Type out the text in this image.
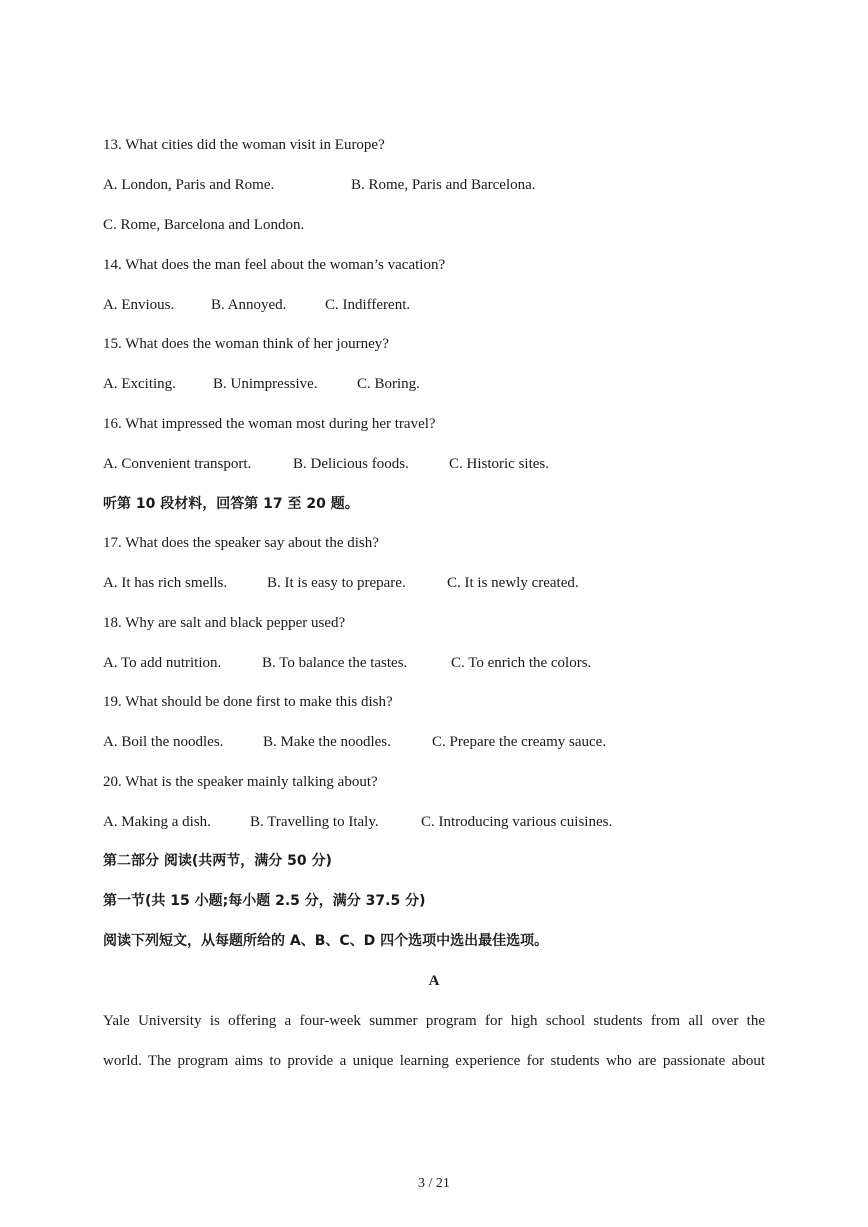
13. What cities did the woman visit in Europe?
A. London, Paris and Rome.	B. Rome, Paris and Barcelona.
C. Rome, Barcelona and London.
14. What does the man feel about the woman’s vacation?
A. Envious. B. Annoyed.	C. Indifferent.
15. What does the woman think of her journey?
A. Exciting. B. Unimpressive.	C. Boring.
16. What impressed the woman most during her travel?
A. Convenient transport.	B. Delicious foods.	C. Historic sites.
听第 10 段材料，回答第 17 至 20 题。
17. What does the speaker say about the dish?
A. It has rich smells.	B. It is easy to prepare.	C. It is newly created.
18. Why are salt and black pepper used?
A. To add nutrition.	B. To balance the tastes.	C. To enrich the colors.
19. What should be done first to make this dish?
A. Boil the noodles.	B. Make the noodles.	C. Prepare the creamy sauce.
20. What is the speaker mainly talking about?
A. Making a dish.	B. Travelling to Italy.	C. Introducing various cuisines.
第二部分 阅读(共两节，满分 50 分)
第一节(共 15 小题;每小题 2.5 分，满分 37.5 分)
阅读下列短文，从每题所给的 A、B、C、D 四个选项中选出最佳选项。
A
Yale University is offering a four-week summer program for high school students from all over the
world. The program aims to provide a unique learning experience for students who are passionate about
3 / 21
